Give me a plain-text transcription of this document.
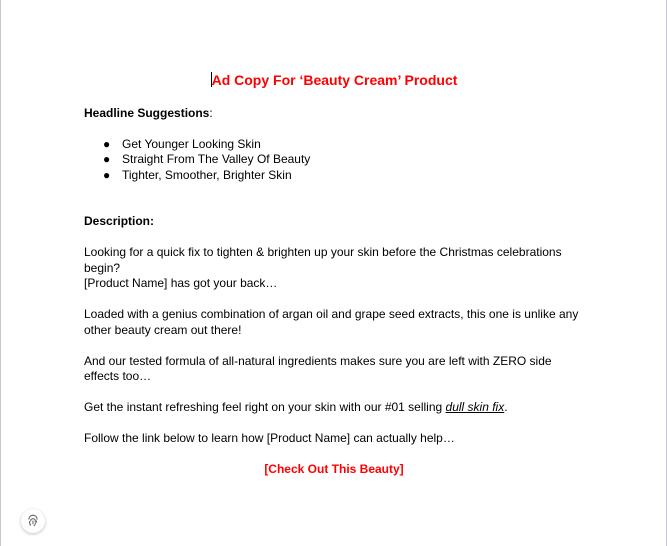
Ad Copy For ‘Beauty Cream’ Product

Headline Suggestions:

● Get Younger Looking Skin
● Straight From The Valley Of Beauty
● Tighter, Smoother, Brighter Skin

Description:

Looking for a quick fix to tighten & brighten up your skin before the Christmas celebrations begin?

[Product Name] has got your back…

Loaded with a genius combination of argan oil and grape seed extracts, this one is unlike any other beauty cream out there!

And our tested formula of all-natural ingredients makes sure you are left with ZERO side effects too…

Get the instant refreshing feel right on your skin with our #01 selling dull skin fix.

Follow the link below to learn how [Product Name] can actually help…

[Check Out This Beauty]
